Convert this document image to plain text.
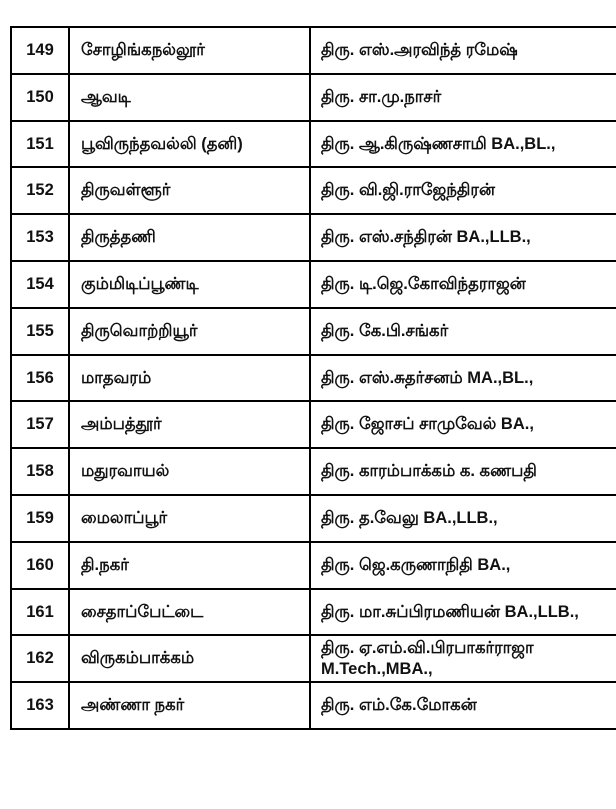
149	சோழிங்கநல்லூர்	திரு. எஸ்.அரவிந்த் ரமேஷ்
150	ஆவடி	திரு. சா.மு.நாசர்
151	பூவிருந்தவல்லி (தனி)	திரு. ஆ.கிருஷ்ணசாமி BA.,BL.,
152	திருவள்ளூர்	திரு. வி.ஜி.ராஜேந்திரன்
153	திருத்தணி	திரு. எஸ்.சந்திரன் BA.,LLB.,
154	கும்மிடிப்பூண்டி	திரு. டி.ஜெ.கோவிந்தராஜன்
155	திருவொற்றியூர்	திரு. கே.பி.சங்கர்
156	மாதவரம்	திரு. எஸ்.சுதர்சனம் MA.,BL.,
157	அம்பத்தூர்	திரு. ஜோசப் சாமுவேல் BA.,
158	மதுரவாயல்	திரு. காரம்பாக்கம் க. கணபதி
159	மைலாப்பூர்	திரு. த.வேலு BA.,LLB.,
160	தி.நகர்	திரு. ஜெ.கருணாநிதி BA.,
161	சைதாப்பேட்டை	திரு. மா.சுப்பிரமணியன் BA.,LLB.,
162	விருகம்பாக்கம்	திரு. ஏ.எம்.வி.பிரபாகர்ராஜா M.Tech.,MBA.,
163	அண்ணா நகர்	திரு. எம்.கே.மோகன்
